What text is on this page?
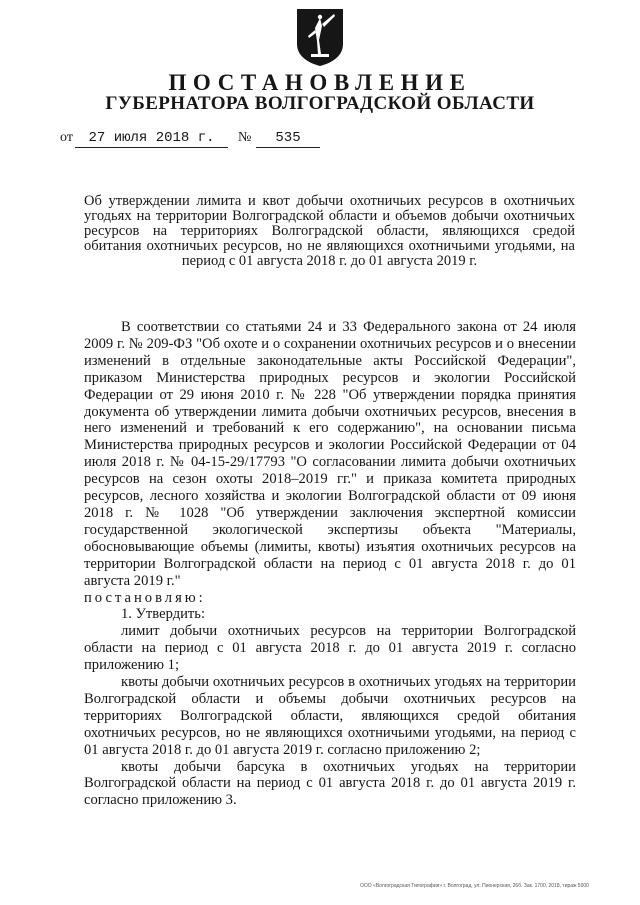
ПОСТАНОВЛЕНИЕ
ГУБЕРНАТОРА ВОЛГОГРАДСКОЙ ОБЛАСТИ
от	27 июля 2018 г.	№	535

Об утверждении лимита и квот добычи охотничьих ресурсов в охотничьих угодьях на территории Волгоградской области и объемов добычи охотничьих ресурсов на территориях Волгоградской области, являющихся средой обитания охотничьих ресурсов, но не являющихся охотничьими угодьями, на период с 01 августа 2018 г. до 01 августа 2019 г.

В соответствии со статьями 24 и 33 Федерального закона от 24 июля 2009 г. № 209-ФЗ "Об охоте и о сохранении охотничьих ресурсов и о внесении изменений в отдельные законодательные акты Российской Федерации", приказом Министерства природных ресурсов и экологии Российской Федерации от 29 июня 2010 г. № 228 "Об утверждении порядка принятия документа об утверждении лимита добычи охотничьих ресурсов, внесения в него изменений и требований к его содержанию", на основании письма Министерства природных ресурсов и экологии Российской Федерации от 04 июля 2018 г. № 04-15-29/17793 "О согласовании лимита добычи охотничьих ресурсов на сезон охоты 2018–2019 гг." и приказа комитета природных ресурсов, лесного хозяйства и экологии Волгоградской области от 09 июня 2018 г. № 1028 "Об утверждении заключения экспертной комиссии государственной экологической экспертизы объекта "Материалы, обосновывающие объемы (лимиты, квоты) изъятия охотничьих ресурсов на территории Волгоградской области на период с 01 августа 2018 г. до 01 августа 2019 г."

постановляю:

1. Утвердить:

лимит добычи охотничьих ресурсов на территории Волгоградской области на период с 01 августа 2018 г. до 01 августа 2019 г. согласно приложению 1;

квоты добычи охотничьих ресурсов в охотничьих угодьях на территории Волгоградской области и объемы добычи охотничьих ресурсов на территориях Волгоградской области, являющихся средой обитания охотничьих ресурсов, но не являющихся охотничьими угодьями, на период с 01 августа 2018 г. до 01 августа 2019 г. согласно приложению 2;

квоты добычи барсука в охотничьих угодьях на территории Волгоградской области на период с 01 августа 2018 г. до 01 августа 2019 г. согласно приложению 3.

ООО «Волгоградская Типография» г. Волгоград, ул. Пионерская, 26б. Зак. 1700, 2018, тираж 5000
